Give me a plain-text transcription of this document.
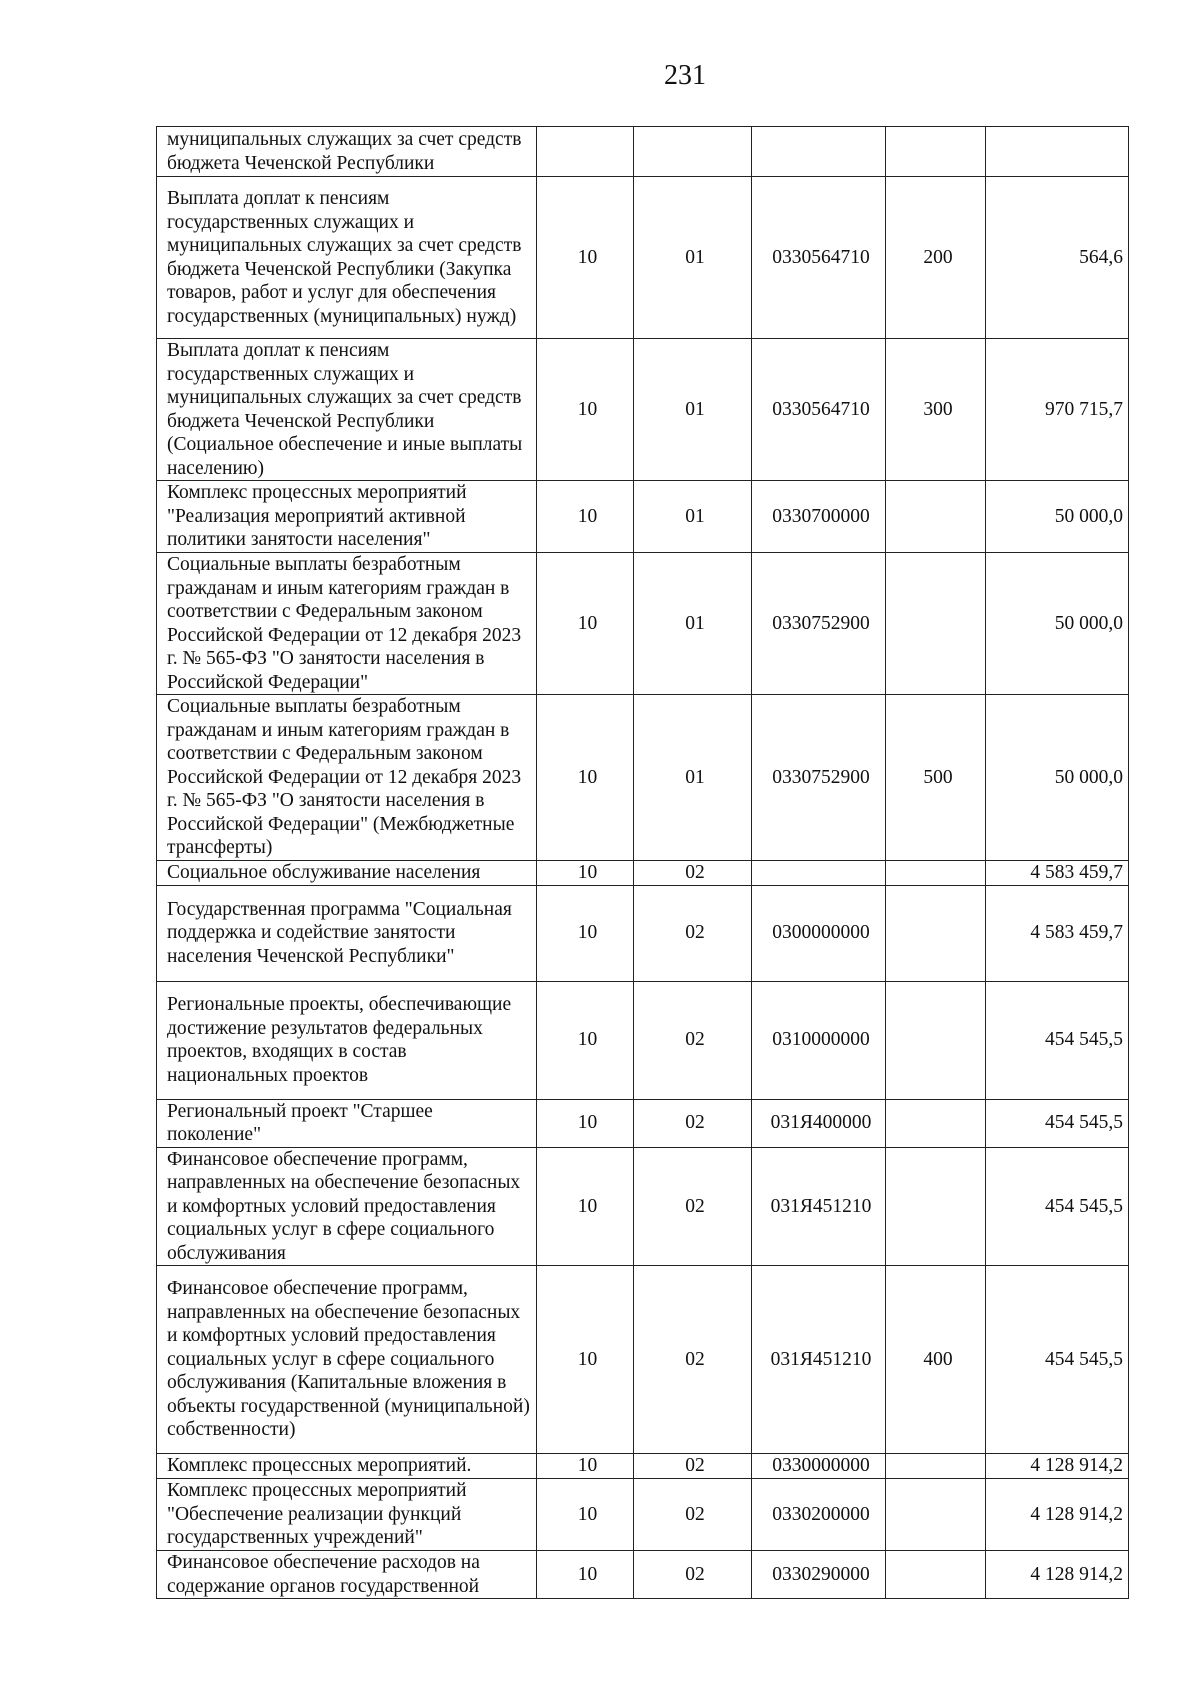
231
муниципальных служащих за счет средств бюджета Чеченской Республики					
Выплата доплат к пенсиям государственных служащих и муниципальных служащих за счет средств бюджета Чеченской Республики (Закупка товаров, работ и услуг для обеспечения государственных (муниципальных) нужд)	10	01	0330564710	200	564,6
Выплата доплат к пенсиям государственных служащих и муниципальных служащих за счет средств бюджета Чеченской Республики (Социальное обеспечение и иные выплаты населению)	10	01	0330564710	300	970 715,7
Комплекс процессных мероприятий "Реализация мероприятий активной политики занятости населения"	10	01	0330700000		50 000,0
Социальные выплаты безработным гражданам и иным категориям граждан в соответствии с Федеральным законом Российской Федерации от 12 декабря 2023 г. № 565-ФЗ "О занятости населения в Российской Федерации"	10	01	0330752900		50 000,0
Социальные выплаты безработным гражданам и иным категориям граждан в соответствии с Федеральным законом Российской Федерации от 12 декабря 2023 г. № 565-ФЗ "О занятости населения в Российской Федерации" (Межбюджетные трансферты)	10	01	0330752900	500	50 000,0
Социальное обслуживание населения	10	02			4 583 459,7
Государственная программа "Социальная поддержка и содействие занятости населения Чеченской Республики"	10	02	0300000000		4 583 459,7
Региональные проекты, обеспечивающие достижение результатов федеральных проектов, входящих в состав национальных проектов	10	02	0310000000		454 545,5
Региональный проект "Старшее поколение"	10	02	031Я400000		454 545,5
Финансовое обеспечение программ, направленных на обеспечение безопасных и комфортных условий предоставления социальных услуг в сфере социального обслуживания	10	02	031Я451210		454 545,5
Финансовое обеспечение программ, направленных на обеспечение безопасных и комфортных условий предоставления социальных услуг в сфере социального обслуживания (Капитальные вложения в объекты государственной (муниципальной) собственности)	10	02	031Я451210	400	454 545,5
Комплекс процессных мероприятий.	10	02	0330000000		4 128 914,2
Комплекс процессных мероприятий "Обеспечение реализации функций государственных учреждений"	10	02	0330200000		4 128 914,2
Финансовое обеспечение расходов на содержание органов государственной	10	02	0330290000		4 128 914,2
